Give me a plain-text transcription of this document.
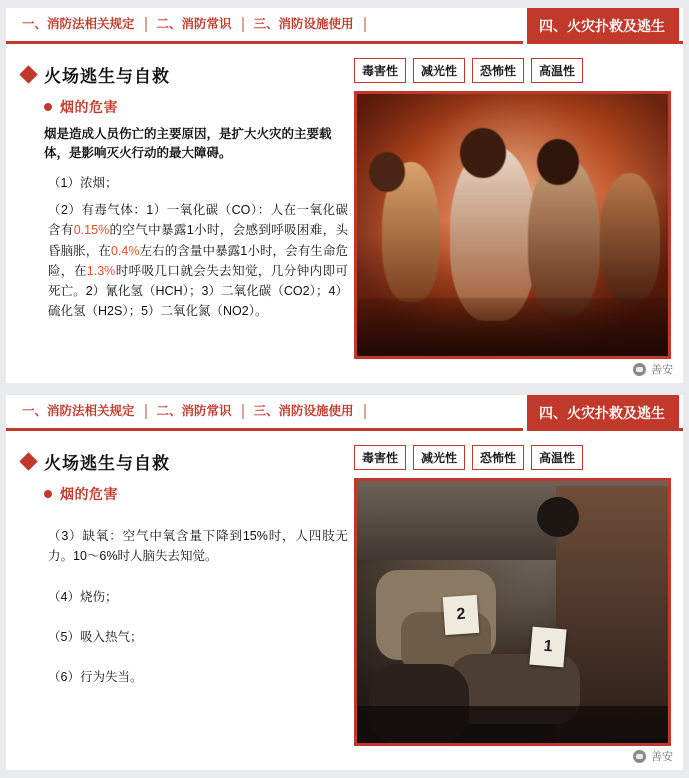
一、消防法相关规定	二、消防常识	三、消防设施使用	四、火灾扑救及逃生
火场逃生与自救
烟的危害
烟是造成人员伤亡的主要原因，是扩大火灾的主要载体，是影响灭火行动的最大障碍。
（1）浓烟；
（2）有毒气体：1）一氧化碳（CO）：人在一氧化碳含有0.15%的空气中暴露1小时，会感到呼吸困难，头昏脑胀，在0.4%左右的含量中暴露1小时，会有生命危险，在1.3%时呼吸几口就会失去知觉，几分钟内即可死亡。2）氰化氢（HCH）；3）二氧化碳（CO2）；4）硫化氢（H2S）；5）二氧化氮（NO2）。
毒害性	减光性	恐怖性	高温性
善安
一、消防法相关规定	二、消防常识	三、消防设施使用	四、火灾扑救及逃生
火场逃生与自救
烟的危害
（3）缺氧：空气中氧含量下降到15%时，人四肢无力。10～6%时人脑失去知觉。
（4）烧伤；
（5）吸入热气；
（6）行为失当。
毒害性	减光性	恐怖性	高温性
2
1
善安
